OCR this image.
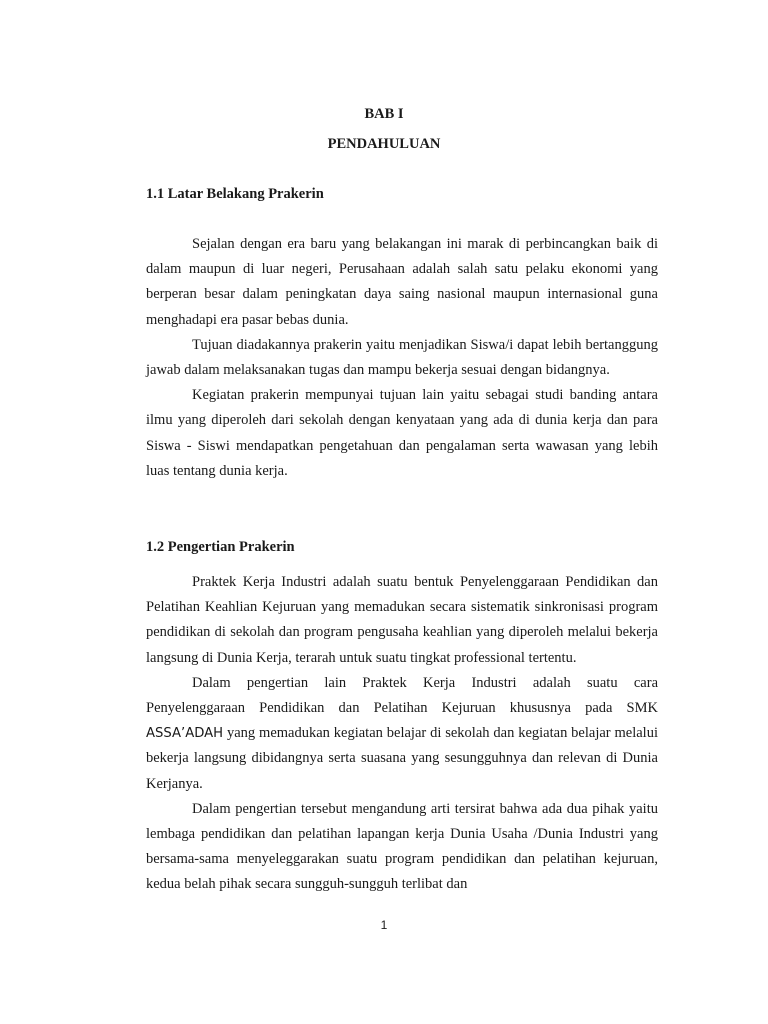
BAB I
PENDAHULUAN
1.1 Latar Belakang Prakerin

Sejalan dengan era baru yang belakangan ini marak di perbincangkan baik di dalam maupun di luar negeri, Perusahaan adalah salah satu pelaku ekonomi yang berperan besar dalam peningkatan daya saing nasional maupun internasional guna menghadapi era pasar bebas dunia.

Tujuan diadakannya prakerin yaitu menjadikan Siswa/i dapat lebih bertanggung jawab dalam melaksanakan tugas dan mampu bekerja sesuai dengan bidangnya.

Kegiatan prakerin mempunyai tujuan lain yaitu sebagai studi banding antara ilmu yang diperoleh dari sekolah dengan kenyataan yang ada di dunia kerja dan para Siswa - Siswi mendapatkan pengetahuan dan pengalaman serta wawasan yang lebih luas tentang dunia kerja.

1.2 Pengertian Prakerin

Praktek Kerja Industri adalah suatu bentuk Penyelenggaraan Pendidikan dan Pelatihan Keahlian Kejuruan yang memadukan secara sistematik sinkronisasi program pendidikan di sekolah dan program pengusaha keahlian yang diperoleh melalui bekerja langsung di Dunia Kerja, terarah untuk suatu tingkat professional tertentu.

Dalam pengertian lain Praktek Kerja Industri adalah suatu cara Penyelenggaraan Pendidikan dan Pelatihan Kejuruan khususnya pada SMK ASSA’ADAH yang memadukan kegiatan belajar di sekolah dan kegiatan belajar melalui bekerja langsung dibidangnya serta suasana yang sesungguhnya dan relevan di Dunia Kerjanya.

Dalam pengertian tersebut mengandung arti tersirat bahwa ada dua pihak yaitu lembaga pendidikan dan pelatihan lapangan kerja Dunia Usaha /Dunia Industri yang bersama-sama menyeleggarakan suatu program pendidikan dan pelatihan kejuruan, kedua belah pihak secara sungguh-sungguh terlibat dan

1
